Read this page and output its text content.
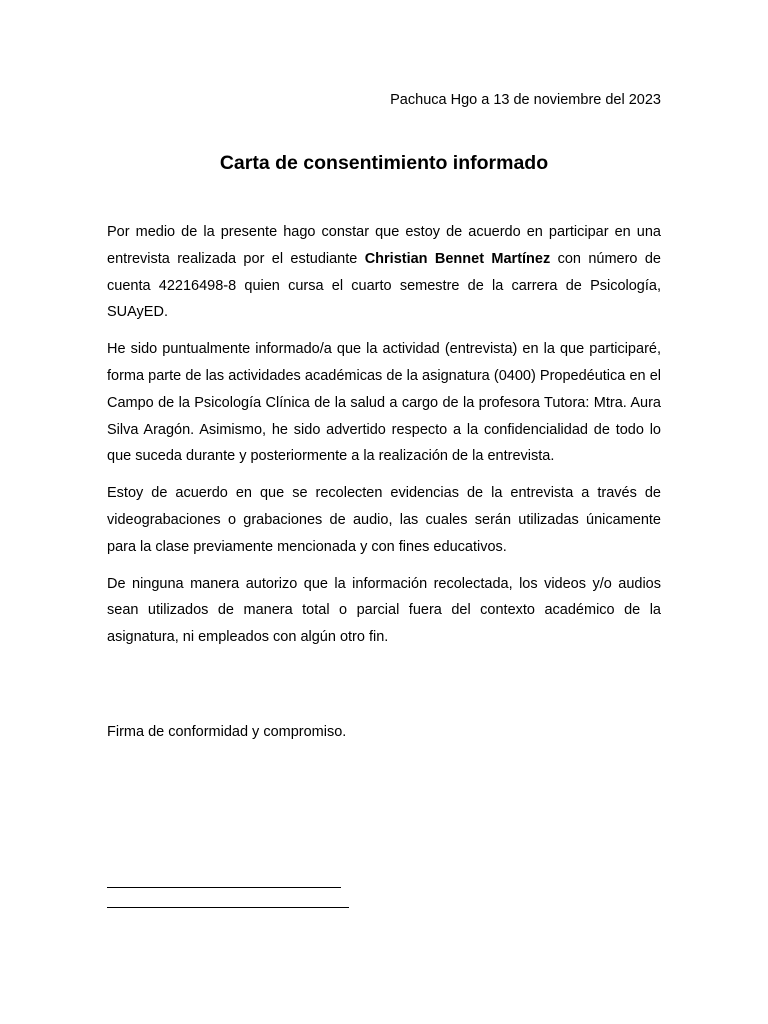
Pachuca Hgo a 13 de noviembre del 2023
Carta de consentimiento informado

Por medio de la presente hago constar que estoy de acuerdo en participar en una entrevista realizada por el estudiante Christian Bennet Martínez con número de cuenta 42216498-8 quien cursa el cuarto semestre de la carrera de Psicología, SUAyED.

He sido puntualmente informado/a que la actividad (entrevista) en la que participaré, forma parte de las actividades académicas de la asignatura (0400) Propedéutica en el Campo de la Psicología Clínica de la salud a cargo de la profesora Tutora: Mtra. Aura Silva Aragón. Asimismo, he sido advertido respecto a la confidencialidad de todo lo que suceda durante y posteriormente a la realización de la entrevista.

Estoy de acuerdo en que se recolecten evidencias de la entrevista a través de videograbaciones o grabaciones de audio, las cuales serán utilizadas únicamente para la clase previamente mencionada y con fines educativos.

De ninguna manera autorizo que la información recolectada, los videos y/o audios sean utilizados de manera total o parcial fuera del contexto académico de la asignatura, ni empleados con algún otro fin.

Firma de conformidad y compromiso.
